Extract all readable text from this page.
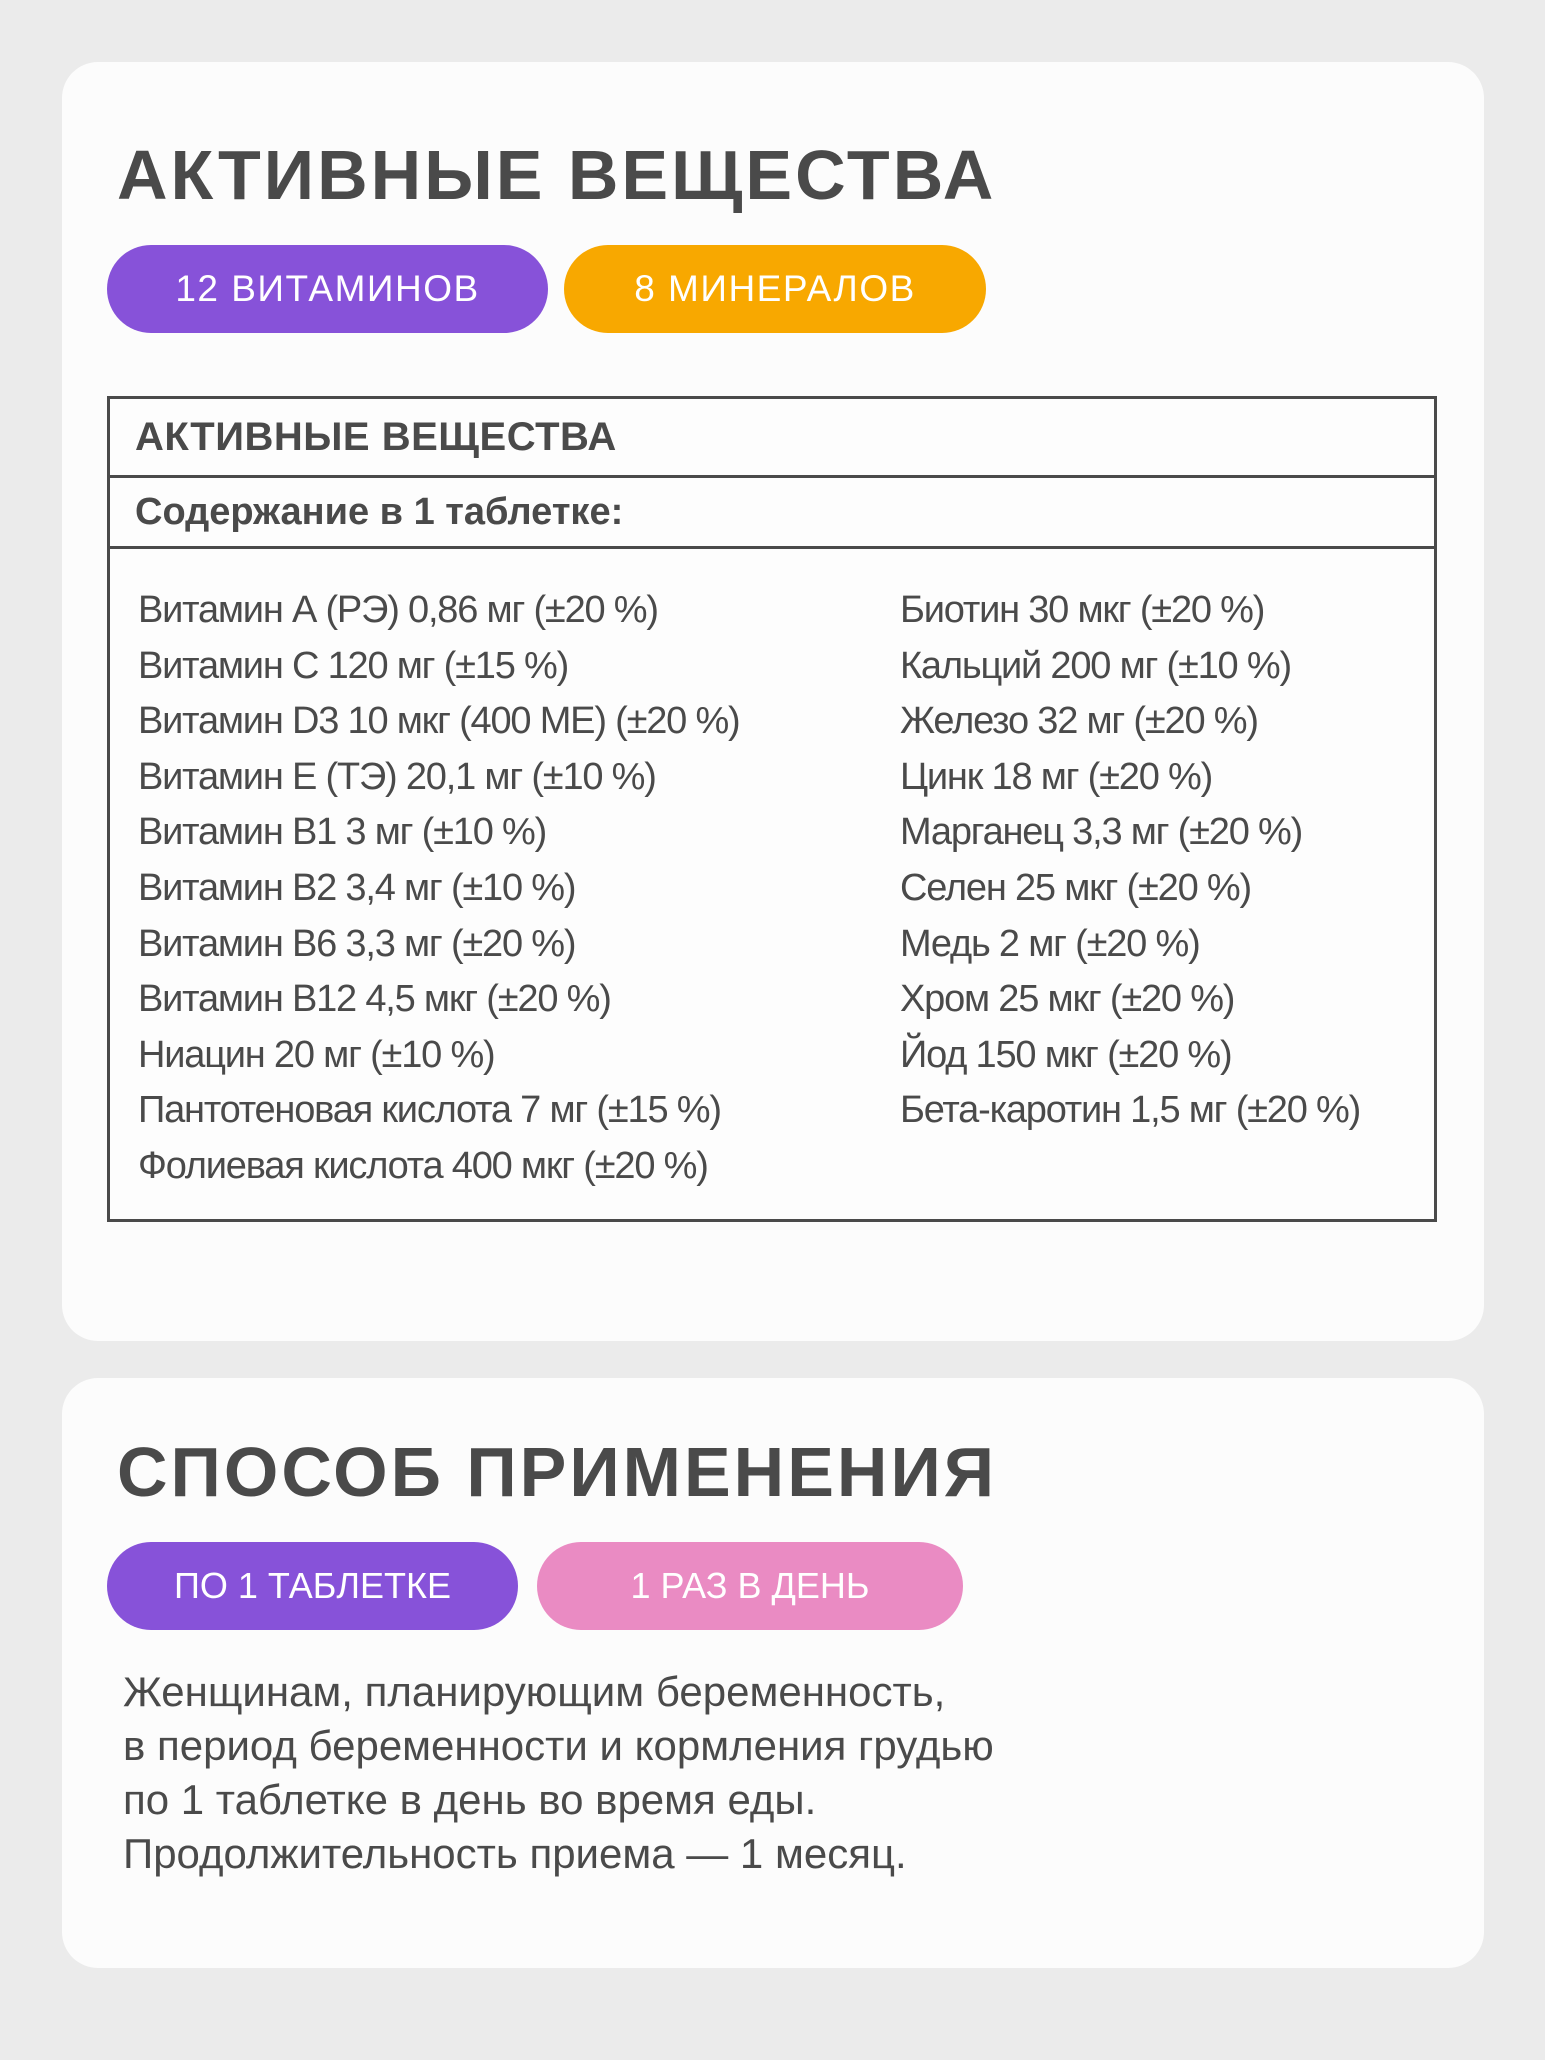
АКТИВНЫЕ ВЕЩЕСТВА
12 ВИТАМИНОВ	8 МИНЕРАЛОВ
АКТИВНЫЕ ВЕЩЕСТВА
Содержание в 1 таблетке:
Витамин А (РЭ) 0,86 мг (±20 %)
Витамин С 120 мг (±15 %)
Витамин D3 10 мкг (400 МЕ) (±20 %)
Витамин Е (ТЭ) 20,1 мг (±10 %)
Витамин В1 3 мг (±10 %)
Витамин В2 3,4 мг (±10 %)
Витамин В6 3,3 мг (±20 %)
Витамин В12 4,5 мкг (±20 %)
Ниацин 20 мг (±10 %)
Пантотеновая кислота 7 мг (±15 %)
Фолиевая кислота 400 мкг (±20 %)
Биотин 30 мкг (±20 %)
Кальций 200 мг (±10 %)
Железо 32 мг (±20 %)
Цинк 18 мг (±20 %)
Марганец 3,3 мг (±20 %)
Селен 25 мкг (±20 %)
Медь 2 мг (±20 %)
Хром 25 мкг (±20 %)
Йод 150 мкг (±20 %)
Бета-каротин 1,5 мг (±20 %)
СПОСОБ ПРИМЕНЕНИЯ
ПО 1 ТАБЛЕТКЕ	1 РАЗ В ДЕНЬ

Женщинам, планирующим беременность,
в период беременности и кормления грудью
по 1 таблетке в день во время еды.
Продолжительность приема — 1 месяц.
